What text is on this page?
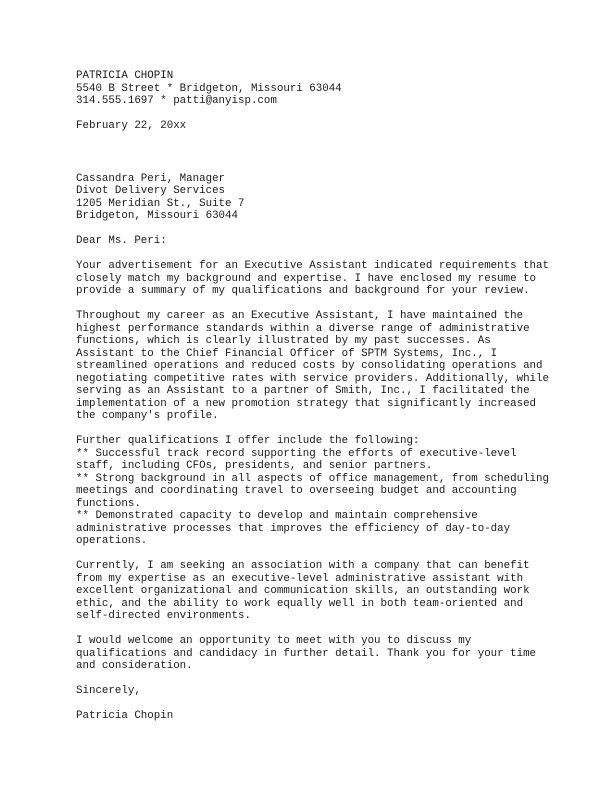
PATRICIA CHOPIN
5540 B Street * Bridgeton, Missouri 63044
314.555.1697 * patti@anyisp.com
February 22, 20xx
Cassandra Peri, Manager
Divot Delivery Services
1205 Meridian St., Suite 7
Bridgeton, Missouri 63044
Dear Ms. Peri:
Your advertisement for an Executive Assistant indicated requirements that
closely match my background and expertise. I have enclosed my resume to
provide a summary of my qualifications and background for your review.
Throughout my career as an Executive Assistant, I have maintained the
highest performance standards within a diverse range of administrative
functions, which is clearly illustrated by my past successes. As
Assistant to the Chief Financial Officer of SPTM Systems, Inc., I
streamlined operations and reduced costs by consolidating operations and
negotiating competitive rates with service providers. Additionally, while
serving as an Assistant to a partner of Smith, Inc., I facilitated the
implementation of a new promotion strategy that significantly increased
the company's profile.
Further qualifications I offer include the following:
** Successful track record supporting the efforts of executive-level
staff, including CFOs, presidents, and senior partners.
** Strong background in all aspects of office management, from scheduling
meetings and coordinating travel to overseeing budget and accounting
functions.
** Demonstrated capacity to develop and maintain comprehensive
administrative processes that improves the efficiency of day-to-day
operations.
Currently, I am seeking an association with a company that can benefit
from my expertise as an executive-level administrative assistant with
excellent organizational and communication skills, an outstanding work
ethic, and the ability to work equally well in both team-oriented and
self-directed environments.
I would welcome an opportunity to meet with you to discuss my
qualifications and candidacy in further detail. Thank you for your time
and consideration.
Sincerely,
Patricia Chopin
